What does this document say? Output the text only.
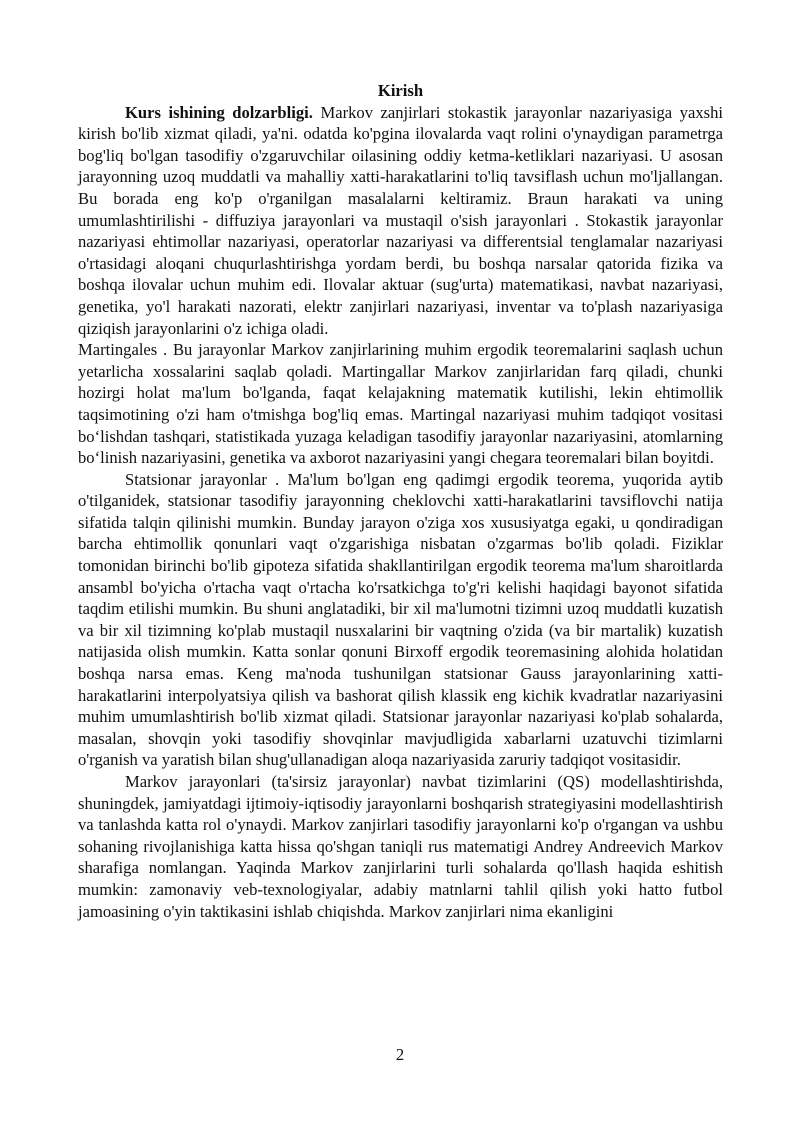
Kirish

Kurs ishining dolzarbligi. Markov zanjirlari stokastik jarayonlar nazariyasiga yaxshi kirish bo'lib xizmat qiladi, ya'ni. odatda ko'pgina ilovalarda vaqt rolini o'ynaydigan parametrga bog'liq bo'lgan tasodifiy o'zgaruvchilar oilasining oddiy ketma-ketliklari nazariyasi. U asosan jarayonning uzoq muddatli va mahalliy xatti-harakatlarini to'liq tavsiflash uchun mo'ljallangan. Bu borada eng ko'p o'rganilgan masalalarni keltiramiz. Braun harakati va uning umumlashtirilishi - diffuziya jarayonlari va mustaqil o'sish jarayonlari . Stokastik jarayonlar nazariyasi ehtimollar nazariyasi, operatorlar nazariyasi va differentsial tenglamalar nazariyasi o'rtasidagi aloqani chuqurlashtirishga yordam berdi, bu boshqa narsalar qatorida fizika va boshqa ilovalar uchun muhim edi. Ilovalar aktuar (sug'urta) matematikasi, navbat nazariyasi, genetika, yo'l harakati nazorati, elektr zanjirlari nazariyasi, inventar va to'plash nazariyasiga qiziqish jarayonlarini o'z ichiga oladi.

Martingales . Bu jarayonlar Markov zanjirlarining muhim ergodik teoremalarini saqlash uchun yetarlicha xossalarini saqlab qoladi. Martingallar Markov zanjirlaridan farq qiladi, chunki hozirgi holat ma'lum bo'lganda, faqat kelajakning matematik kutilishi, lekin ehtimollik taqsimotining o'zi ham o'tmishga bog'liq emas. Martingal nazariyasi muhim tadqiqot vositasi boʻlishdan tashqari, statistikada yuzaga keladigan tasodifiy jarayonlar nazariyasini, atomlarning boʻlinish nazariyasini, genetika va axborot nazariyasini yangi chegara teoremalari bilan boyitdi.

Statsionar jarayonlar . Ma'lum bo'lgan eng qadimgi ergodik teorema, yuqorida aytib o'tilganidek, statsionar tasodifiy jarayonning cheklovchi xatti-harakatlarini tavsiflovchi natija sifatida talqin qilinishi mumkin. Bunday jarayon o'ziga xos xususiyatga egaki, u qondiradigan barcha ehtimollik qonunlari vaqt o'zgarishiga nisbatan o'zgarmas bo'lib qoladi. Fiziklar tomonidan birinchi bo'lib gipoteza sifatida shakllantirilgan ergodik teorema ma'lum sharoitlarda ansambl bo'yicha o'rtacha vaqt o'rtacha ko'rsatkichga to'g'ri kelishi haqidagi bayonot sifatida taqdim etilishi mumkin. Bu shuni anglatadiki, bir xil ma'lumotni tizimni uzoq muddatli kuzatish va bir xil tizimning ko'plab mustaqil nusxalarini bir vaqtning o'zida (va bir martalik) kuzatish natijasida olish mumkin. Katta sonlar qonuni Birxoff ergodik teoremasining alohida holatidan boshqa narsa emas. Keng ma'noda tushunilgan statsionar Gauss jarayonlarining xatti-harakatlarini interpolyatsiya qilish va bashorat qilish klassik eng kichik kvadratlar nazariyasini muhim umumlashtirish bo'lib xizmat qiladi. Statsionar jarayonlar nazariyasi ko'plab sohalarda, masalan, shovqin yoki tasodifiy shovqinlar mavjudligida xabarlarni uzatuvchi tizimlarni o'rganish va yaratish bilan shug'ullanadigan aloqa nazariyasida zaruriy tadqiqot vositasidir.

Markov jarayonlari (ta'sirsiz jarayonlar) navbat tizimlarini (QS) modellashtirishda, shuningdek, jamiyatdagi ijtimoiy-iqtisodiy jarayonlarni boshqarish strategiyasini modellashtirish va tanlashda katta rol o'ynaydi. Markov zanjirlari tasodifiy jarayonlarni ko'p o'rgangan va ushbu sohaning rivojlanishiga katta hissa qo'shgan taniqli rus matematigi Andrey Andreevich Markov sharafiga nomlangan. Yaqinda Markov zanjirlarini turli sohalarda qo'llash haqida eshitish mumkin: zamonaviy veb-texnologiyalar, adabiy matnlarni tahlil qilish yoki hatto futbol jamoasining o'yin taktikasini ishlab chiqishda. Markov zanjirlari nima ekanligini

2
